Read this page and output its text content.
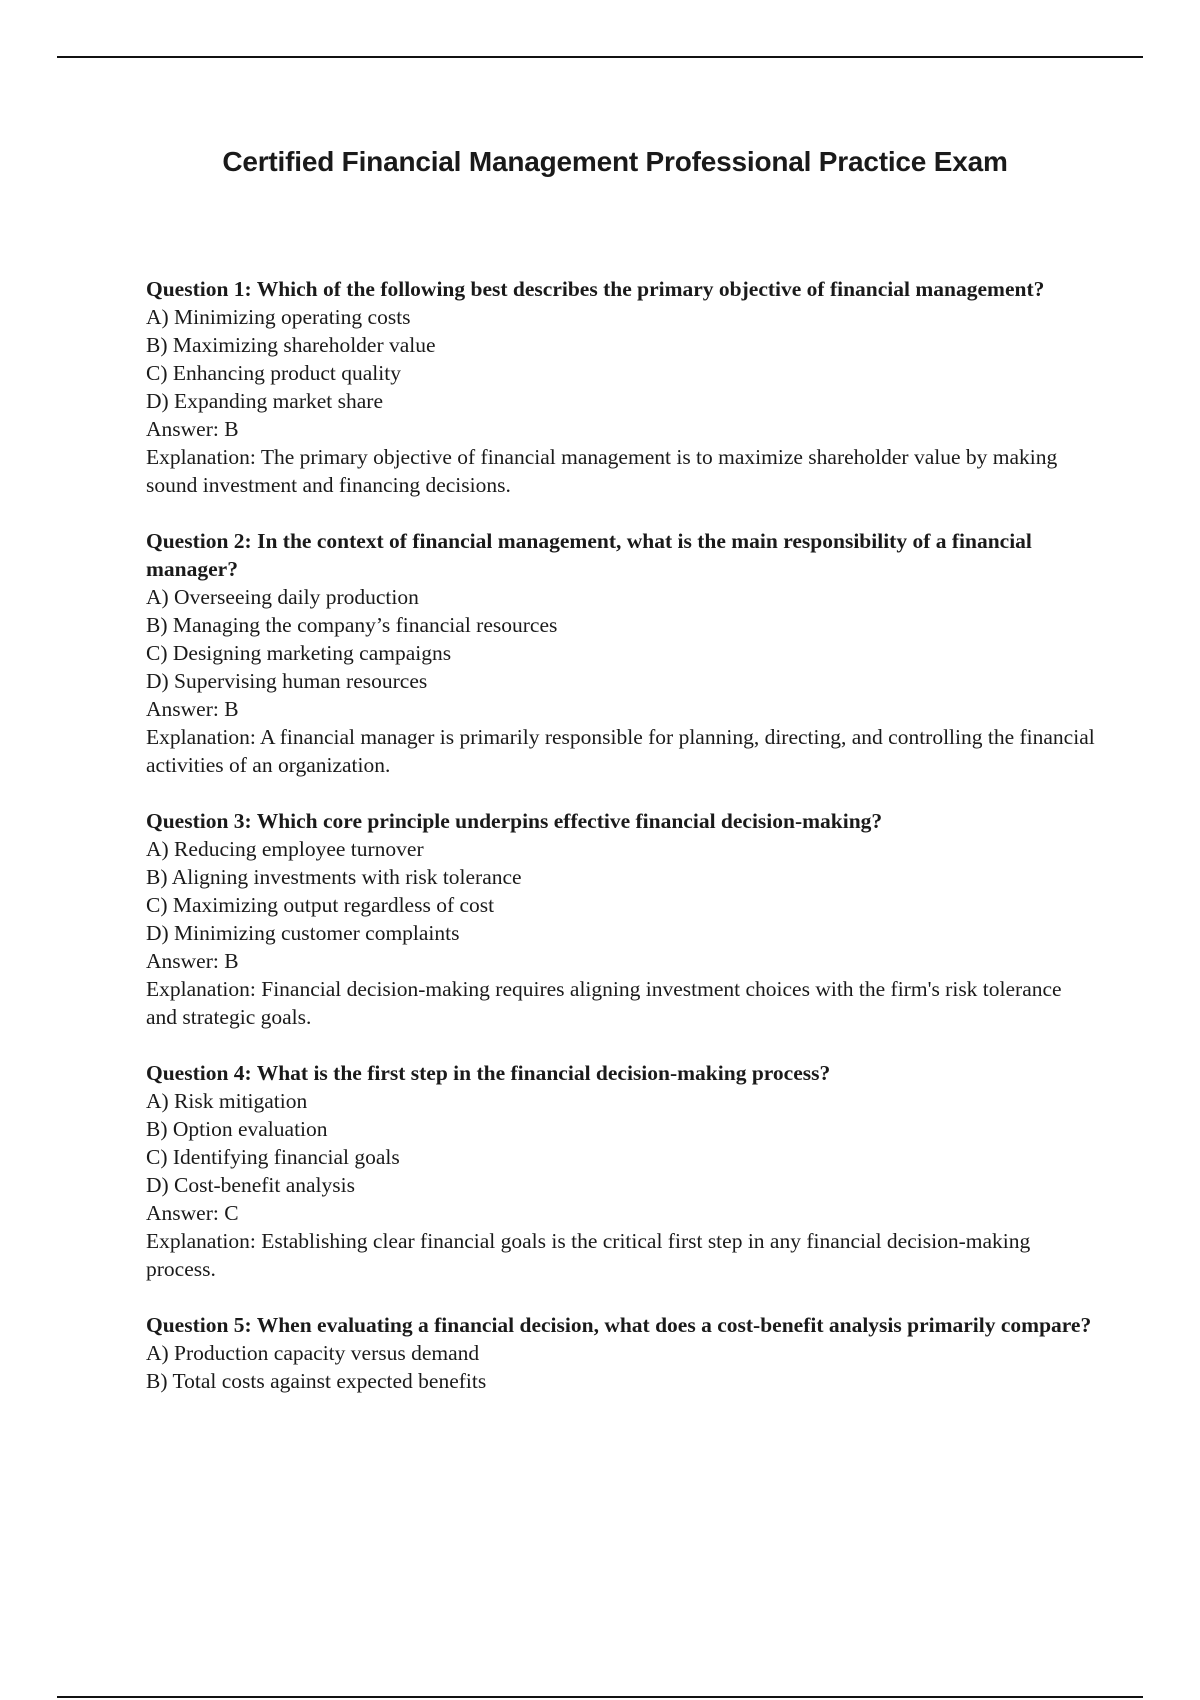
Certified Financial Management Professional Practice Exam

Question 1: Which of the following best describes the primary objective of financial management?

A) Minimizing operating costs

B) Maximizing shareholder value

C) Enhancing product quality

D) Expanding market share

Answer: B

Explanation: The primary objective of financial management is to maximize shareholder value by making sound investment and financing decisions.

Question 2: In the context of financial management, what is the main responsibility of a financial manager?

A) Overseeing daily production

B) Managing the company’s financial resources

C) Designing marketing campaigns

D) Supervising human resources

Answer: B

Explanation: A financial manager is primarily responsible for planning, directing, and controlling the financial activities of an organization.

Question 3: Which core principle underpins effective financial decision-making?

A) Reducing employee turnover

B) Aligning investments with risk tolerance

C) Maximizing output regardless of cost

D) Minimizing customer complaints

Answer: B

Explanation: Financial decision-making requires aligning investment choices with the firm's risk tolerance and strategic goals.

Question 4: What is the first step in the financial decision-making process?

A) Risk mitigation

B) Option evaluation

C) Identifying financial goals

D) Cost-benefit analysis

Answer: C

Explanation: Establishing clear financial goals is the critical first step in any financial decision-making process.

Question 5: When evaluating a financial decision, what does a cost-benefit analysis primarily compare?

A) Production capacity versus demand

B) Total costs against expected benefits
